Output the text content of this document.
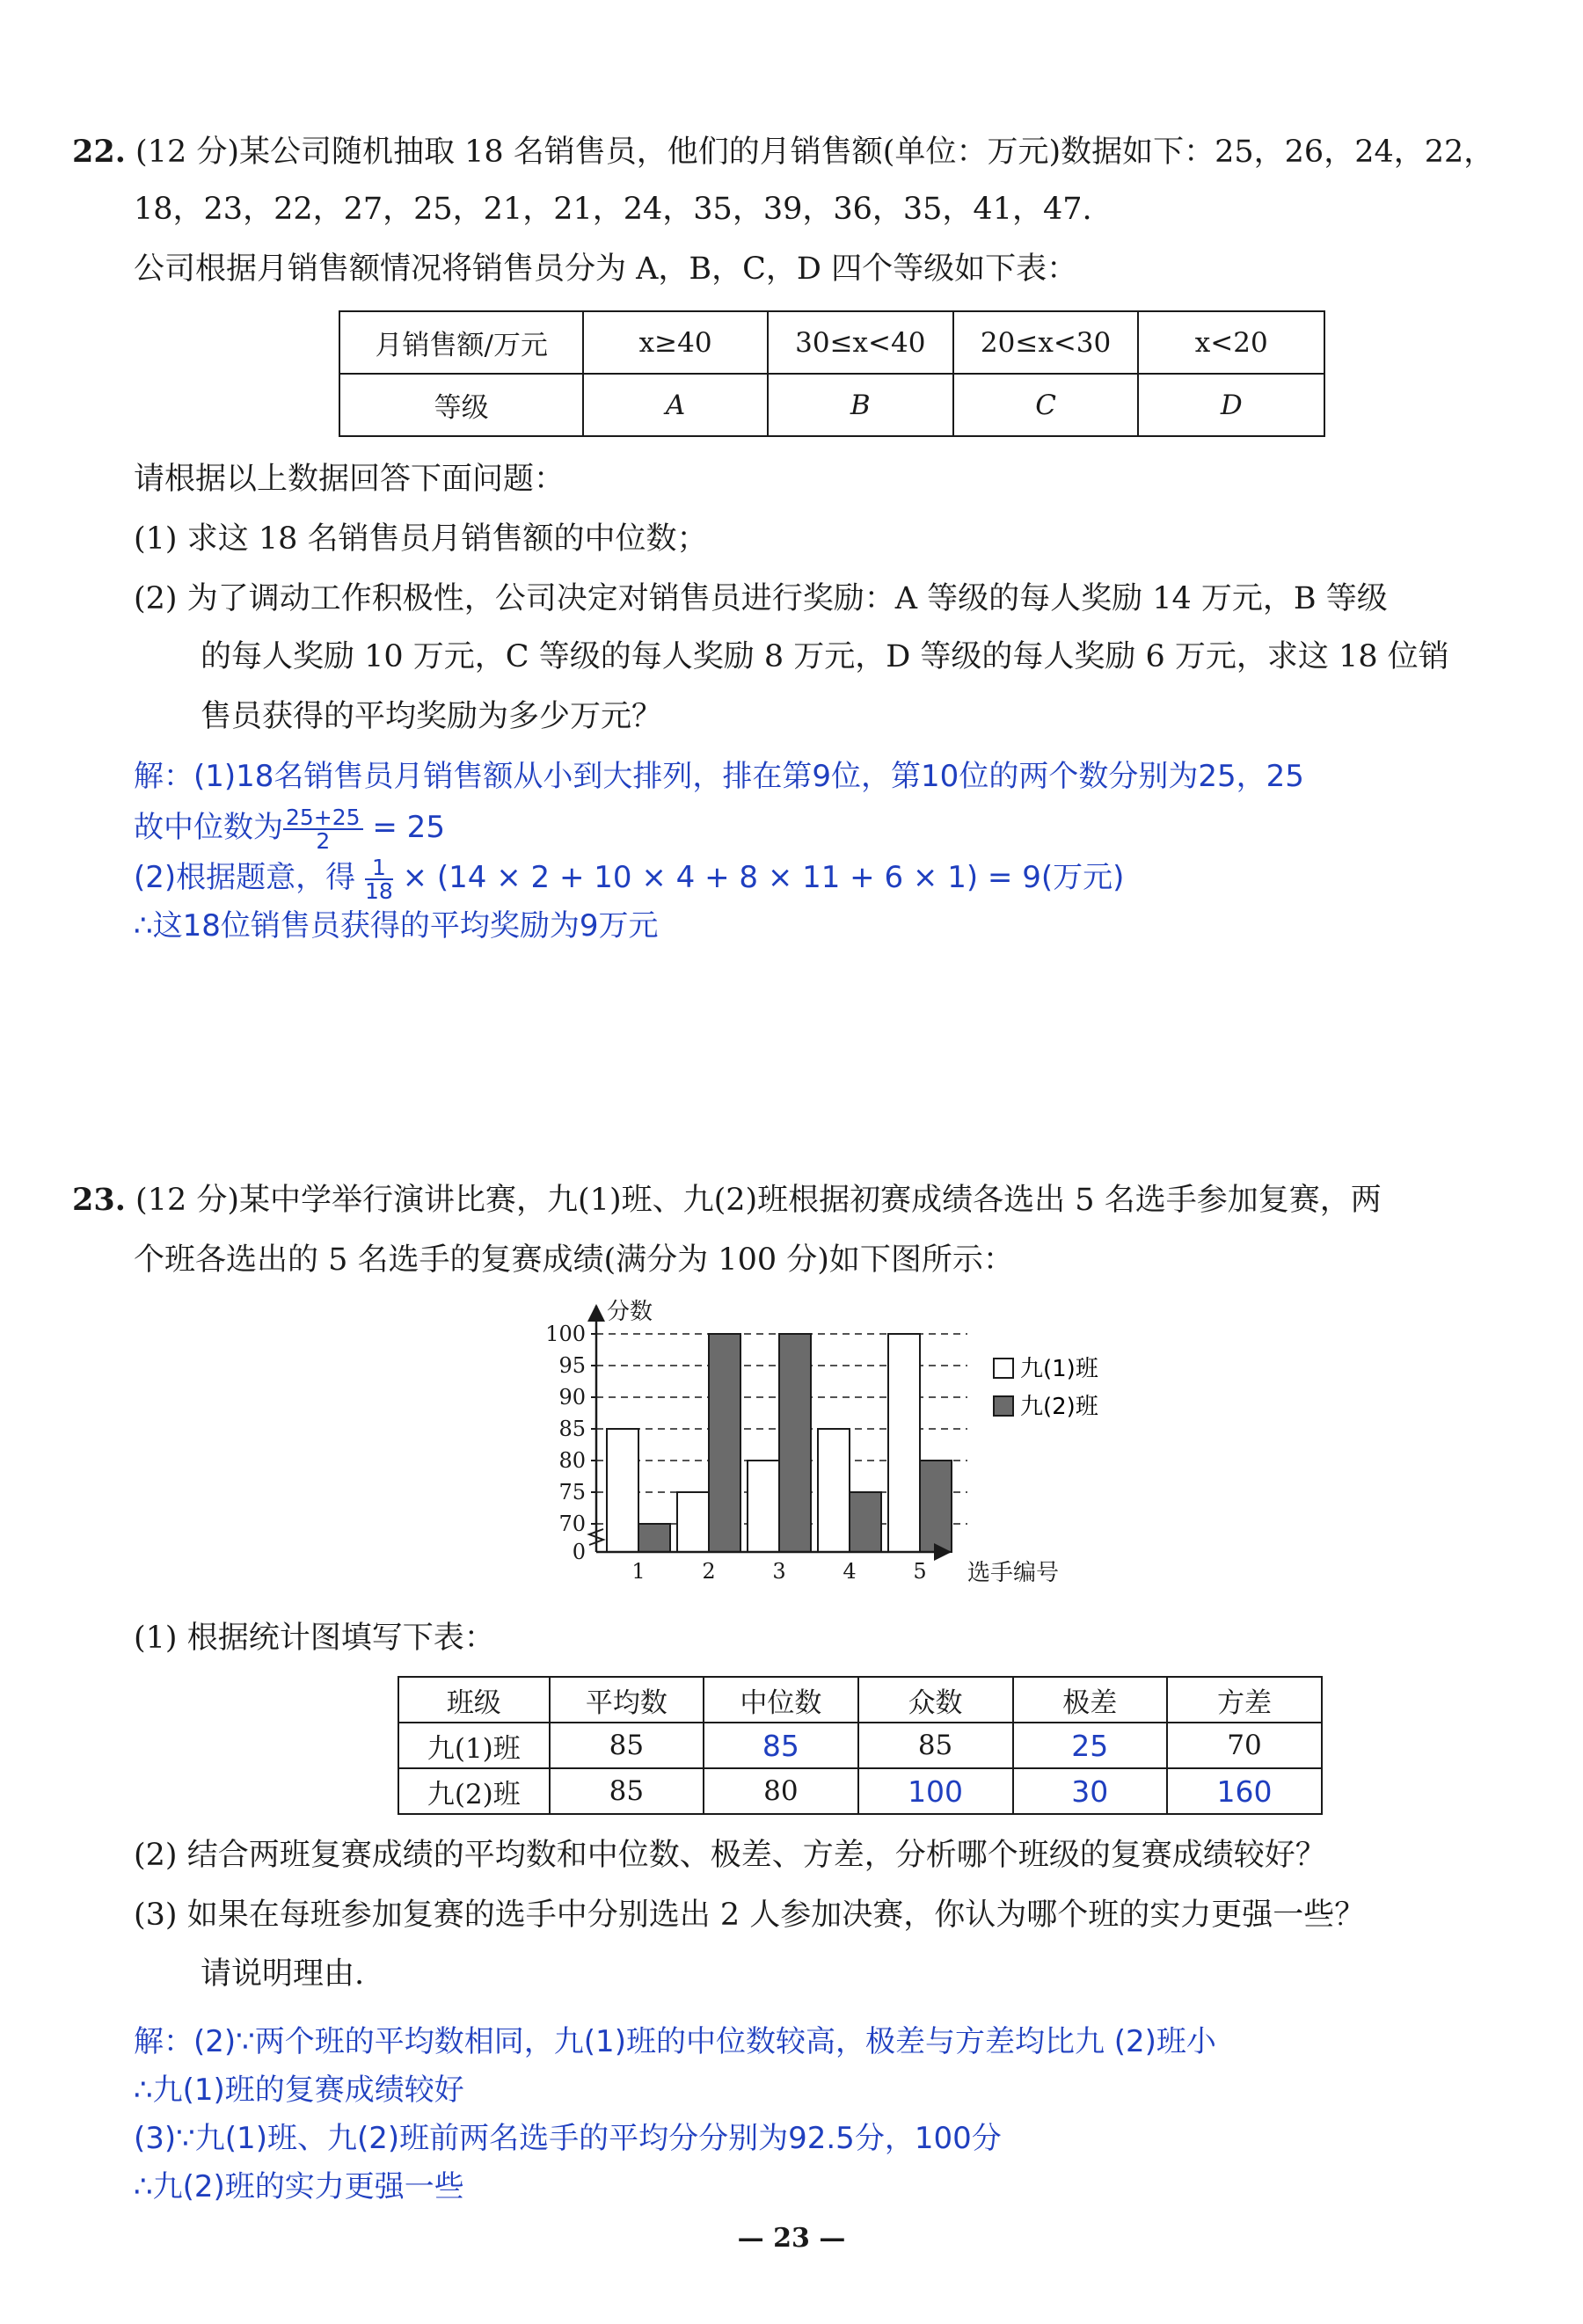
22. (12 分)某公司随机抽取 18 名销售员，他们的月销售额(单位：万元)数据如下：25，26，24，22，
18，23，22，27，25，21，21，24，35，39，36，35，41，47.
公司根据月销售额情况将销售员分为 A，B，C，D 四个等级如下表：
月销售额/万元	x≥40	30≤x<40	20≤x<30	x<20
等级	A	B	C	D
请根据以上数据回答下面问题：
(1) 求这 18 名销售员月销售额的中位数；
(2) 为了调动工作积极性，公司决定对销售员进行奖励：A 等级的每人奖励 14 万元，B 等级
的每人奖励 10 万元，C 等级的每人奖励 8 万元，D 等级的每人奖励 6 万元，求这 18 位销
售员获得的平均奖励为多少万元？
解：(1)18名销售员月销售额从小到大排列，排在第9位，第10位的两个数分别为25，25
故中位数为 $\frac{25+25}{2} = 25$
(2)根据题意，得 $\frac{1}{18} \times (14 \times 2 + 10 \times 4 + 8 \times 11 + 6 \times 1) = 9$(万元)
∴这18位销售员获得的平均奖励为9万元
23. (12 分)某中学举行演讲比赛，九(1)班、九(2)班根据初赛成绩各选出 5 名选手参加复赛，两
个班各选出的 5 名选手的复赛成绩(满分为 100 分)如下图所示：
分数
选手编号
0
70
75
80
85
90
95
100
1	2	3	4	5
九(1)班
九(2)班
(1) 根据统计图填写下表：
班级	平均数	中位数	众数	极差	方差
九(1)班	85	85	85	25	70
九(2)班	85	80	100	30	160
(2) 结合两班复赛成绩的平均数和中位数、极差、方差，分析哪个班级的复赛成绩较好？
(3) 如果在每班参加复赛的选手中分别选出 2 人参加决赛，你认为哪个班的实力更强一些？
请说明理由.
解：(2)∵两个班的平均数相同，九(1)班的中位数较高，极差与方差均比九 (2)班小
∴九(1)班的复赛成绩较好
(3)∵九(1)班、九(2)班前两名选手的平均分分别为92.5分，100分
∴九(2)班的实力更强一些
— 23 —
